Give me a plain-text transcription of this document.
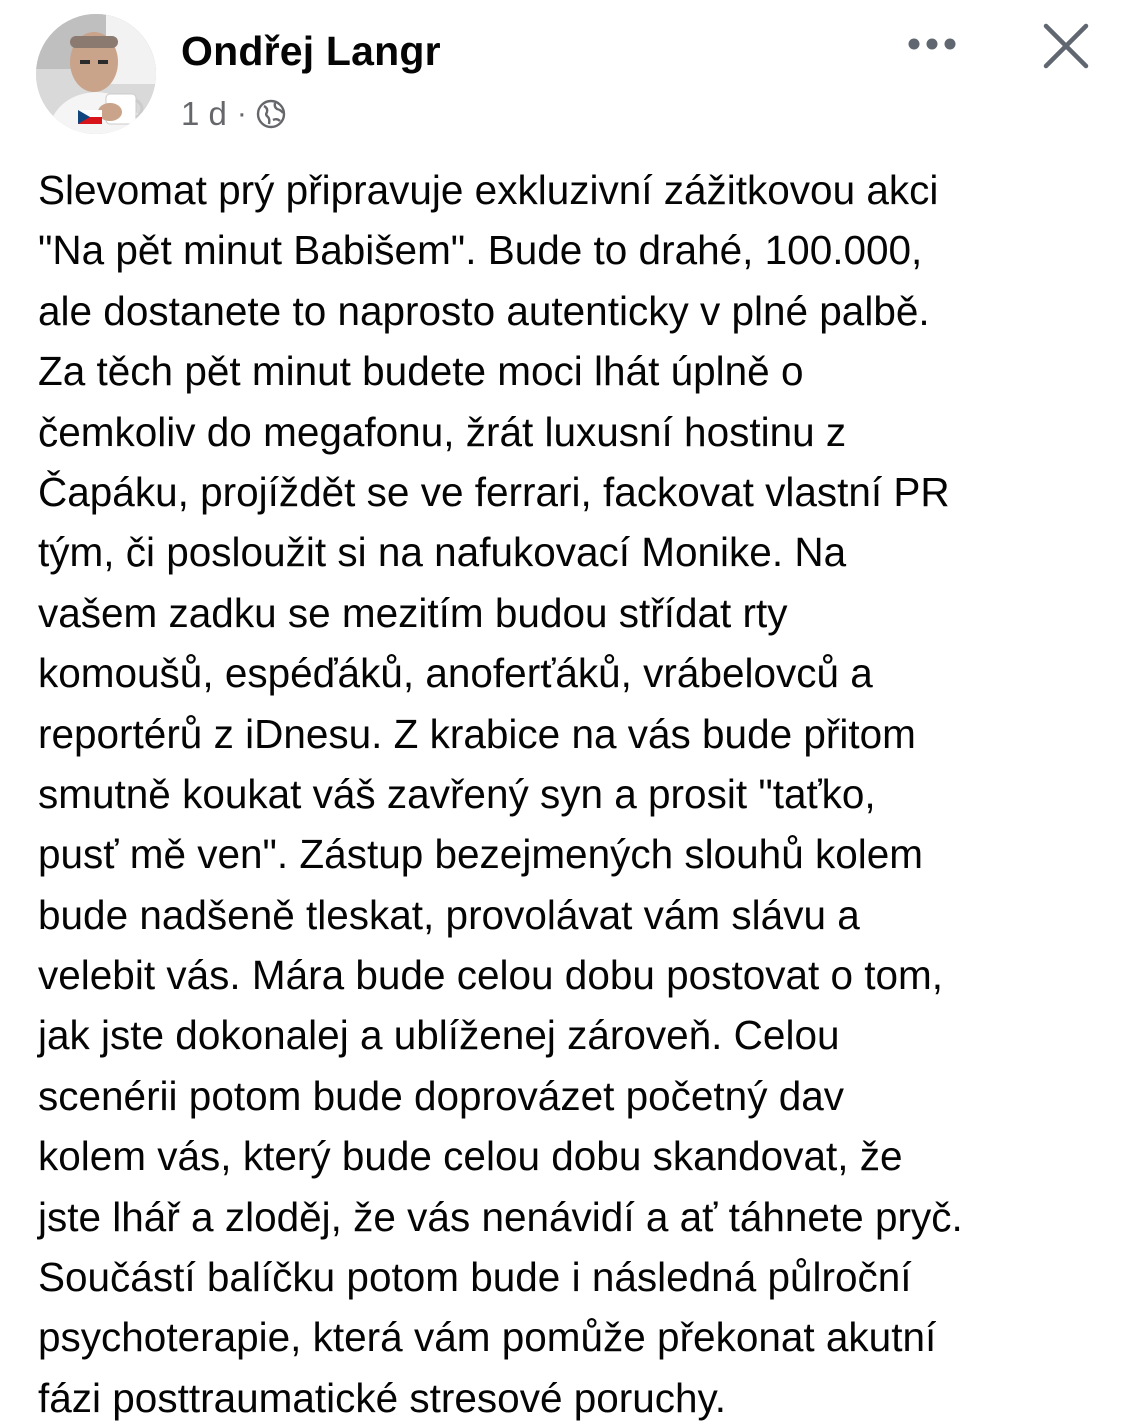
Ondřej Langr
1 d ·
Slevomat prý připravuje exkluzivní zážitkovou akci
"Na pět minut Babišem". Bude to drahé, 100.000,
ale dostanete to naprosto autenticky v plné palbě.
Za těch pět minut budete moci lhát úplně o
čemkoliv do megafonu, žrát luxusní hostinu z
Čapáku, projíždět se ve ferrari, fackovat vlastní PR
tým, či posloužit si na nafukovací Monike. Na
vašem zadku se mezitím budou střídat rty
komoušů, espéďáků, anoferťáků, vrábelovců a
reportérů z iDnesu. Z krabice na vás bude přitom
smutně koukat váš zavřený syn a prosit "taťko,
pusť mě ven". Zástup bezejmených slouhů kolem
bude nadšeně tleskat, provolávat vám slávu a
velebit vás. Mára bude celou dobu postovat o tom,
jak jste dokonalej a ublíženej zároveň. Celou
scenérii potom bude doprovázet početný dav
kolem vás, který bude celou dobu skandovat, že
jste lhář a zloděj, že vás nenávidí a ať táhnete pryč.
Součástí balíčku potom bude i následná půlroční
psychoterapie, která vám pomůže překonat akutní
fázi posttraumatické stresové poruchy.
